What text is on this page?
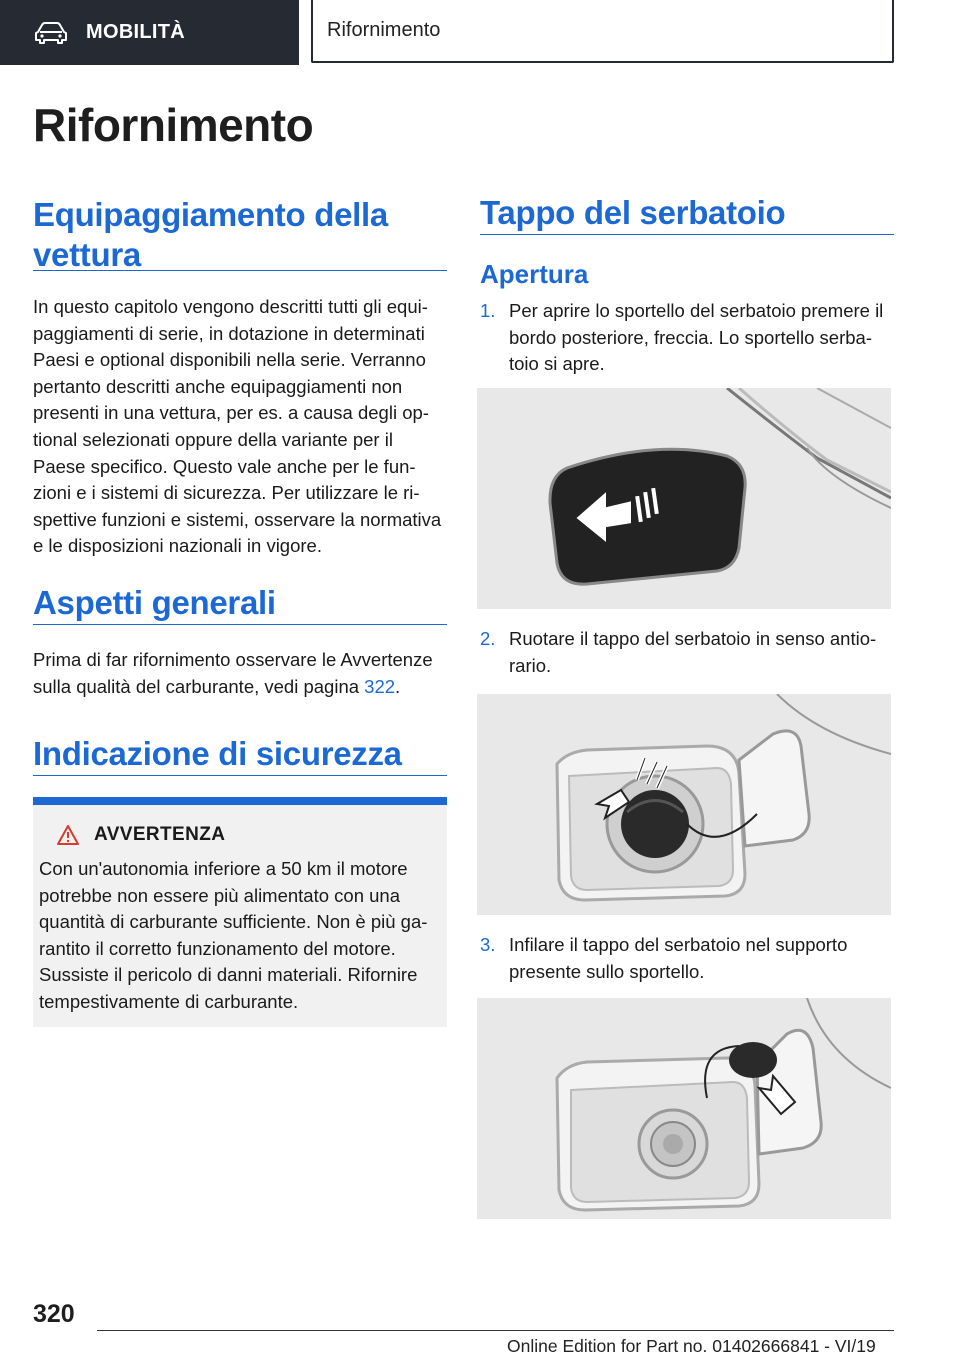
MOBILITÀ	Rifornimento
Rifornimento
Equipaggiamento della vettura
In questo capitolo vengono descritti tutti gli equi‐
paggiamenti di serie, in dotazione in determinati
Paesi e optional disponibili nella serie. Verranno
pertanto descritti anche equipaggiamenti non
presenti in una vettura, per es. a causa degli op‐
tional selezionati oppure della variante per il
Paese specifico. Questo vale anche per le fun‐
zioni e i sistemi di sicurezza. Per utilizzare le ri‐
spettive funzioni e sistemi, osservare la normativa
e le disposizioni nazionali in vigore.
Aspetti generali
Prima di far rifornimento osservare le Avvertenze
sulla qualità del carburante, vedi pagina 322.
Indicazione di sicurezza
AVVERTENZA
Con un'autonomia inferiore a 50 km il motore
potrebbe non essere più alimentato con una
quantità di carburante sufficiente. Non è più ga‐
rantito il corretto funzionamento del motore.
Sussiste il pericolo di danni materiali. Rifornire
tempestivamente di carburante.
Tappo del serbatoio
Apertura
1. Per aprire lo sportello del serbatoio premere il
bordo posteriore, freccia. Lo sportello serba‐
toio si apre.
2. Ruotare il tappo del serbatoio in senso antio‐
rario.
3. Infilare il tappo del serbatoio nel supporto
presente sullo sportello.
320
Online Edition for Part no. 01402666841 - VI/19
